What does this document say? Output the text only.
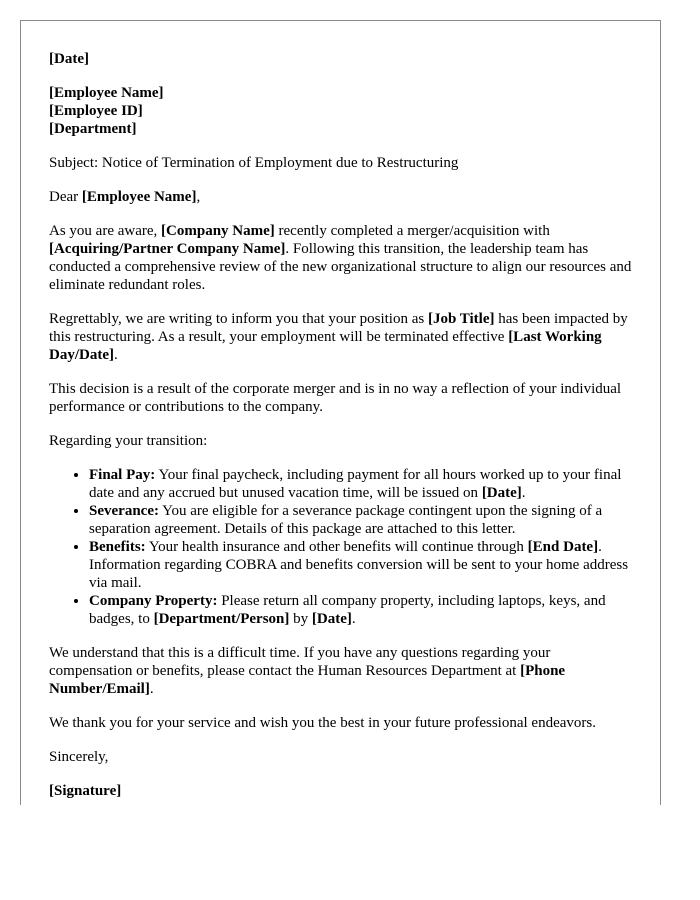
[Date]

[Employee Name]

[Employee ID]

[Department]

Subject: Notice of Termination of Employment due to Restructuring

Dear [Employee Name],

As you are aware, [Company Name] recently completed a merger/acquisition with [Acquiring/Partner Company Name]. Following this transition, the leadership team has conducted a comprehensive review of the new organizational structure to align our resources and eliminate redundant roles.

Regrettably, we are writing to inform you that your position as [Job Title] has been impacted by this restructuring. As a result, your employment will be terminated effective [Last Working Day/Date].

This decision is a result of the corporate merger and is in no way a reflection of your individual performance or contributions to the company.

Regarding your transition:

• Final Pay: Your final paycheck, including payment for all hours worked up to your final date and any accrued but unused vacation time, will be issued on [Date].
• Severance: You are eligible for a severance package contingent upon the signing of a separation agreement. Details of this package are attached to this letter.
• Benefits: Your health insurance and other benefits will continue through [End Date]. Information regarding COBRA and benefits conversion will be sent to your home address via mail.
• Company Property: Please return all company property, including laptops, keys, and badges, to [Department/Person] by [Date].

We understand that this is a difficult time. If you have any questions regarding your compensation or benefits, please contact the Human Resources Department at [Phone Number/Email].

We thank you for your service and wish you the best in your future professional endeavors.

Sincerely,

[Signature]
